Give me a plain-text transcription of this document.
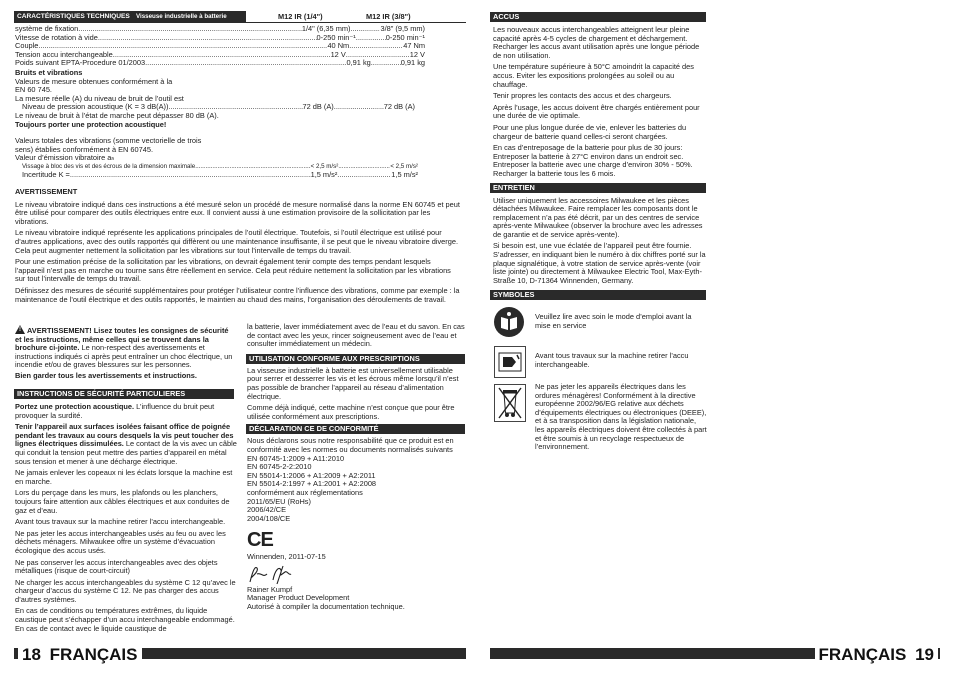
CARACTÉRISTIQUES TECHNIQUES Visseuse industrielle à batterie	M12 IR (1/4")	M12 IR (3/8")
système de fixation .....	1/4" (6,35 mm) .....	3/8" (9,5 mm)
Vitesse de rotation à vide .....	0-250 min⁻¹ .....	0-250 min⁻¹
Couple .....	40 Nm .....	47 Nm
Tension accu interchangeable .....	12 V .....	12 V
Poids suivant EPTA-Procedure 01/2003 .....	0,91 kg .....	0,91 kg
Bruits et vibrations
Valeurs de mesure obtenues conformément à la
EN 60 745.
La mesure réelle (A) du niveau de bruit de l’outil est
Niveau de pression acoustique (K = 3 dB(A)) .....	72 dB (A) .....	72 dB (A)
Le niveau de bruit à l’état de marche peut dépasser 80 dB (A).
Toujours porter une protection acoustique!
Valeurs totales des vibrations (somme vectorielle de trois
sens) établies conformément à EN 60745.
Valeur d’émission vibratoire aₕ
Vissage à bloc des vis et des écrous de la dimension maximale .....	< 2,5 m/s² .....	< 2,5 m/s²
Incertitude K = .....	1,5 m/s² .....	1,5 m/s²

AVERTISSEMENT

Le niveau vibratoire indiqué dans ces instructions a été mesuré selon un procédé de mesure normalisé dans la norme EN 60745 et peut être utilisé pour comparer des outils électriques entre eux. Il convient aussi à une estimation provisoire de la sollicitation par les vibrations.

Le niveau vibratoire indiqué représente les applications principales de l’outil électrique. Toutefois, si l’outil électrique est utilisé pour d’autres applications, avec des outils rapportés qui diffèrent ou une maintenance insuffisante, il se peut que le niveau vibratoire diverge. Cela peut augmenter nettement la sollicitation par les vibrations sur tout l’intervalle de temps du travail.

Pour une estimation précise de la sollicitation par les vibrations, on devrait également tenir compte des temps pendant lesquels l’appareil n’est pas en marche ou tourne sans être réellement en service. Cela peut réduire nettement la sollicitation par les vibrations sur tout l’intervalle de temps du travail.

Définissez des mesures de sécurité supplémentaires pour protéger l’utilisateur contre l’influence des vibrations, comme par exemple : la maintenance de l’outil électrique et des outils rapportés, le maintien au chaud des mains, l’organisation des déroulements de travail.

! AVERTISSEMENT! Lisez toutes les consignes de sécurité et les instructions, même celles qui se trouvent dans la brochure ci-jointe. Le non-respect des avertissements et instructions indiqués ci après peut entraîner un choc électrique, un incendie et/ou de graves blessures sur les personnes.

Bien garder tous les avertissements et instructions.

INSTRUCTIONS DE SÉCURITÉ PARTICULIERES

Portez une protection acoustique. L’influence du bruit peut provoquer la surdité.

Tenir l’appareil aux surfaces isolées faisant office de poignée pendant les travaux au cours desquels la vis peut toucher des lignes électriques dissimulées. Le contact de la vis avec un câble qui conduit la tension peut mettre des parties d’appareil en métal sous tension et mener à une décharge électrique.

Ne jamais enlever les copeaux ni les éclats lorsque la machine est en marche.

Lors du perçage dans les murs, les plafonds ou les planchers, toujours faire attention aux câbles électriques et aux conduites de gaz et d’eau.

Avant tous travaux sur la machine retirer l’accu interchangeable.

Ne pas jeter les accus interchangeables usés au feu ou avec les déchets ménagers. Milwaukee offre un système d’évacuation écologique des accus usés.

Ne pas conserver les accus interchangeables avec des objets métalliques (risque de court-circuit)

Ne charger les accus interchangeables du système C 12 qu’avec le chargeur d’accus du système C 12. Ne pas charger des accus d’autres systèmes.

En cas de conditions ou températures extrêmes, du liquide caustique peut s’échapper d’un accu interchangeable endommagé. En cas de contact avec le liquide caustique de

la batterie, laver immédiatement avec de l’eau et du savon. En cas de contact avec les yeux, rincer soigneusement avec de l’eau et consulter immédiatement un médecin.

UTILISATION CONFORME AUX PRESCRIPTIONS

La visseuse industrielle à batterie est universellement utilisable pour serrer et desserrer les vis et les écrous même lorsqu’il n’est pas possible de brancher l’appareil au réseau d’alimentation électrique.

Comme déjà indiqué, cette machine n’est conçue que pour être utilisée conformément aux prescriptions.

DÉCLARATION CE DE CONFORMITÉ

Nous déclarons sous notre responsabilité que ce produit est en conformité avec les normes ou documents normalisés suivants

EN 60745-1:2009 + A11:2010
EN 60745-2-2:2010
EN 55014-1:2006 + A1:2009 + A2:2011
EN 55014-2:1997 + A1:2001 + A2:2008
conformément aux réglementations
2011/65/EU (RoHs)
2006/42/CE
2004/108/CE
CE
Winnenden, 2011-07-15
Rainer Kumpf
Manager Product Development
Autorisé à compiler la documentation technique.
ACCUS

Les nouveaux accus interchangeables atteignent leur pleine capacité après 4-5 cycles de chargement et déchargement. Recharger les accus avant utilisation après une longue période de non utilisation.

Une température supérieure à 50°C amoindrit la capacité des accus. Eviter les expositions prolongées au soleil ou au chauffage.

Tenir propres les contacts des accus et des chargeurs.

Après l’usage, les accus doivent être chargés entièrement pour une durée de vie optimale.

Pour une plus longue durée de vie, enlever les batteries du chargeur de batterie quand celles-ci seront chargées.

En cas d’entreposage de la batterie pour plus de 30 jours: Entreposer la batterie à 27°C environ dans un endroit sec. Entreposer la batterie avec une charge d’environ 30% - 50%.

Recharger la batterie tous les 6 mois.

ENTRETIEN

Utiliser uniquement les accessoires Milwaukee et les pièces détachées Milwaukee. Faire remplacer les composants dont le remplacement n’a pas été décrit, par un des centres de service après-vente Milwaukee (observer la brochure avec les adresses de garantie et de service après-vente).

Si besoin est, une vue éclatée de l’appareil peut être fournie. S’adresser, en indiquant bien le numéro à dix chiffres porté sur la plaque signalétique, à votre station de service après-vente (voir liste jointe) ou directement à Milwaukee Electric Tool, Max-Eyth-Straße 10, D-71364 Winnenden, Germany.

SYMBOLES
Veuillez lire avec soin le mode d’emploi avant la mise en service
Avant tous travaux sur la machine retirer l’accu interchangeable.
Ne pas jeter les appareils électriques dans les ordures ménagères! Conformément à la directive européenne 2002/96/EG relative aux déchets d’équipements électriques ou électroniques (DEEE), et à sa transposition dans la législation nationale, les appareils électriques doivent être collectés à part et être soumis à un recyclage respectueux de l’environnement.
18 FRANÇAIS	FRANÇAIS 19
